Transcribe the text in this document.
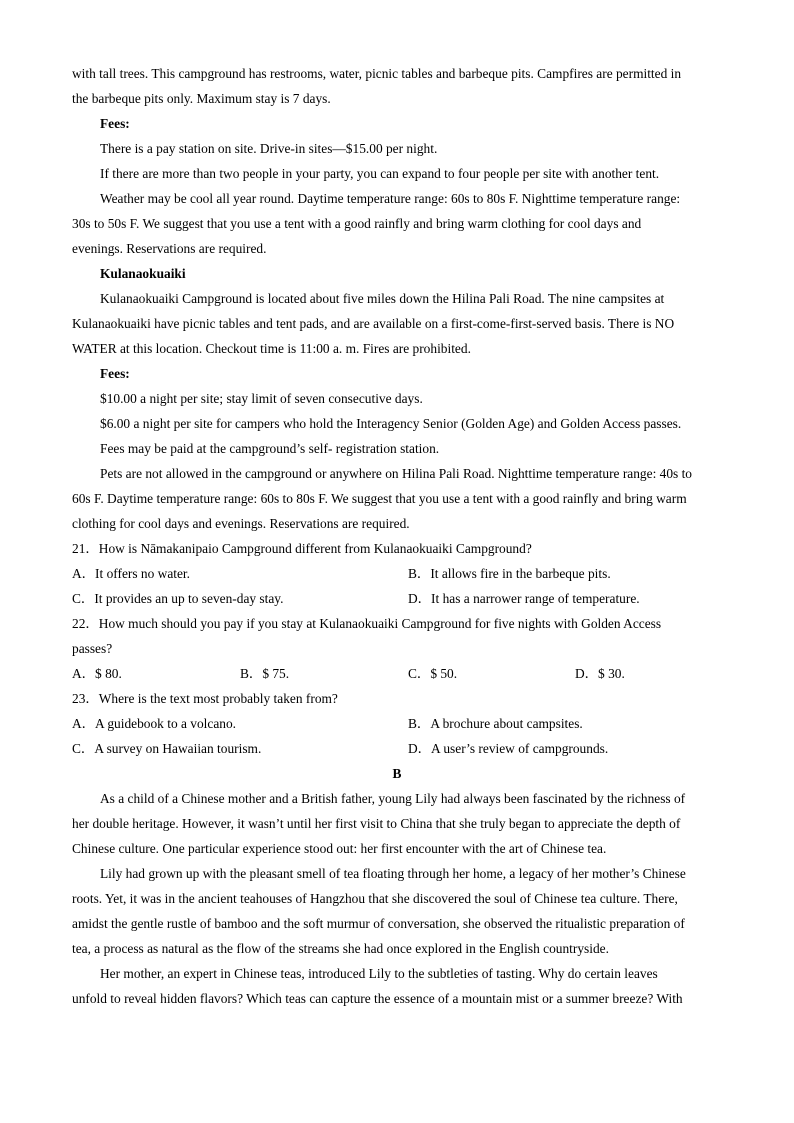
with tall trees. This campground has restrooms, water, picnic tables and barbeque pits. Campfires are permitted in
the barbeque pits only. Maximum stay is 7 days.
Fees:
There is a pay station on site. Drive-in sites—$15.00 per night.
If there are more than two people in your party, you can expand to four people per site with another tent.
Weather may be cool all year round. Daytime temperature range: 60s to 80s F. Nighttime temperature range:
30s to 50s F. We suggest that you use a tent with a good rainfly and bring warm clothing for cool days and
evenings. Reservations are required.
Kulanaokuaiki
Kulanaokuaiki Campground is located about five miles down the Hilina Pali Road. The nine campsites at
Kulanaokuaiki have picnic tables and tent pads, and are available on a first-come-first-served basis. There is NO
WATER at this location. Checkout time is 11:00 a. m. Fires are prohibited.
Fees:
$10.00 a night per site; stay limit of seven consecutive days.
$6.00 a night per site for campers who hold the Interagency Senior (Golden Age) and Golden Access passes.
Fees may be paid at the campground’s self- registration station.
Pets are not allowed in the campground or anywhere on Hilina Pali Road. Nighttime temperature range: 40s to
60s F. Daytime temperature range: 60s to 80s F. We suggest that you use a tent with a good rainfly and bring warm
clothing for cool days and evenings. Reservations are required.
21．How is Nāmakanipaio Campground different from Kulanaokuaiki Campground?
A．It offers no water.	B．It allows fire in the barbeque pits.
C．It provides an up to seven-day stay.	D．It has a narrower range of temperature.
22．How much should you pay if you stay at Kulanaokuaiki Campground for five nights with Golden Access
passes?
A．$ 80.	B．$ 75.	C．$ 50.	D．$ 30.
23．Where is the text most probably taken from?
A．A guidebook to a volcano.	B．A brochure about campsites.
C．A survey on Hawaiian tourism.	D．A user’s review of campgrounds.
B
As a child of a Chinese mother and a British father, young Lily had always been fascinated by the richness of
her double heritage. However, it wasn’t until her first visit to China that she truly began to appreciate the depth of
Chinese culture. One particular experience stood out: her first encounter with the art of Chinese tea.
Lily had grown up with the pleasant smell of tea floating through her home, a legacy of her mother’s Chinese
roots. Yet, it was in the ancient teahouses of Hangzhou that she discovered the soul of Chinese tea culture. There,
amidst the gentle rustle of bamboo and the soft murmur of conversation, she observed the ritualistic preparation of
tea, a process as natural as the flow of the streams she had once explored in the English countryside.
Her mother, an expert in Chinese teas, introduced Lily to the subtleties of tasting. Why do certain leaves
unfold to reveal hidden flavors? Which teas can capture the essence of a mountain mist or a summer breeze? With
